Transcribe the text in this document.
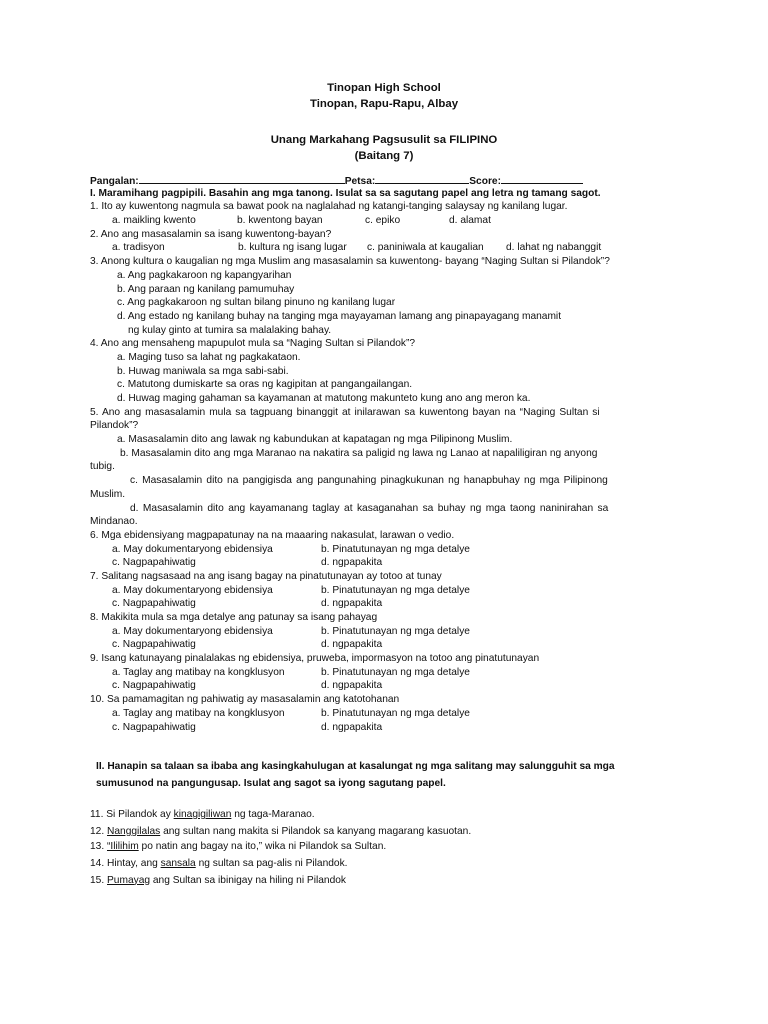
Tinopan High School
Tinopan, Rapu-Rapu, Albay
Unang Markahang Pagsusulit sa FILIPINO
(Baitang 7)
Pangalan:	Petsa:	Score:
I. Maramihang pagpipili. Basahin ang mga tanong. Isulat sa sa sagutang papel ang letra ng tamang sagot.
1. Ito ay kuwentong nagmula sa bawat pook na naglalahad ng katangi-tanging salaysay ng kanilang lugar.
a. maikling kwento	b. kwentong bayan	c. epiko	d. alamat
2. Ano ang masasalamin sa isang kuwentong-bayan?
a. tradisyon	b. kultura ng isang lugar c. paniniwala at kaugalian d. lahat ng nabanggit
3. Anong kultura o kaugalian ng mga Muslim ang masasalamin sa kuwentong- bayang “Naging Sultan si Pilandok”?
a. Ang pagkakaroon ng kapangyarihan
b. Ang paraan ng kanilang pamumuhay
c. Ang pagkakaroon ng sultan bilang pinuno ng kanilang lugar
d. Ang estado ng kanilang buhay na tanging mga mayayaman lamang ang pinapayagang manamit
ng kulay ginto at tumira sa malalaking bahay.
4. Ano ang mensaheng mapupulot mula sa “Naging Sultan si Pilandok”?
a. Maging tuso sa lahat ng pagkakataon.
b. Huwag maniwala sa mga sabi-sabi.
c. Matutong dumiskarte sa oras ng kagipitan at pangangailangan.
d. Huwag maging gahaman sa kayamanan at matutong makunteto kung ano ang meron ka.
5. Ano ang masasalamin mula sa tagpuang binanggit at inilarawan sa kuwentong bayan na “Naging Sultan si
Pilandok”?
a. Masasalamin dito ang lawak ng kabundukan at kapatagan ng mga Pilipinong Muslim.
b. Masasalamin dito ang mga Maranao na nakatira sa paligid ng lawa ng Lanao at napaliligiran ng anyong
tubig.
c. Masasalamin dito na pangigisda ang pangunahing pinagkukunan ng hanapbuhay ng mga Pilipinong
Muslim.
d. Masasalamin dito ang kayamanang taglay at kasaganahan sa buhay ng mga taong naninirahan sa
Mindanao.
6. Mga ebidensiyang magpapatunay na na maaaring nakasulat, larawan o vedio.
a. May dokumentaryong ebidensiya	b. Pinatutunayan ng mga detalye
c. Nagpapahiwatig	d. ngpapakita
7. Salitang nagsasaad na ang isang bagay na pinatutunayan ay totoo at tunay
a. May dokumentaryong ebidensiya	b. Pinatutunayan ng mga detalye
c. Nagpapahiwatig	d. ngpapakita
8. Makikita mula sa mga detalye ang patunay sa isang pahayag
a. May dokumentaryong ebidensiya	b. Pinatutunayan ng mga detalye
c. Nagpapahiwatig	d. ngpapakita
9. Isang katunayang pinalalakas ng ebidensiya, pruweba, impormasyon na totoo ang pinatutunayan
a. Taglay ang matibay na kongklusyon	b. Pinatutunayan ng mga detalye
c. Nagpapahiwatig	d. ngpapakita
10. Sa pamamagitan ng pahiwatig ay masasalamin ang katotohanan
a. Taglay ang matibay na kongklusyon	b. Pinatutunayan ng mga detalye
c. Nagpapahiwatig	d. ngpapakita
II. Hanapin sa talaan sa ibaba ang kasingkahulugan at kasalungat ng mga salitang may salungguhit sa mga
sumusunod na pangungusap. Isulat ang sagot sa iyong sagutang papel.
11. Si Pilandok ay kinagigiliwan ng taga-Maranao.
12. Nanggilalas ang sultan nang makita si Pilandok sa kanyang magarang kasuotan.
13. “Ililihim po natin ang bagay na ito,” wika ni Pilandok sa Sultan.
14. Hintay, ang sansala ng sultan sa pag-alis ni Pilandok.
15. Pumayag ang Sultan sa ibinigay na hiling ni Pilandok
